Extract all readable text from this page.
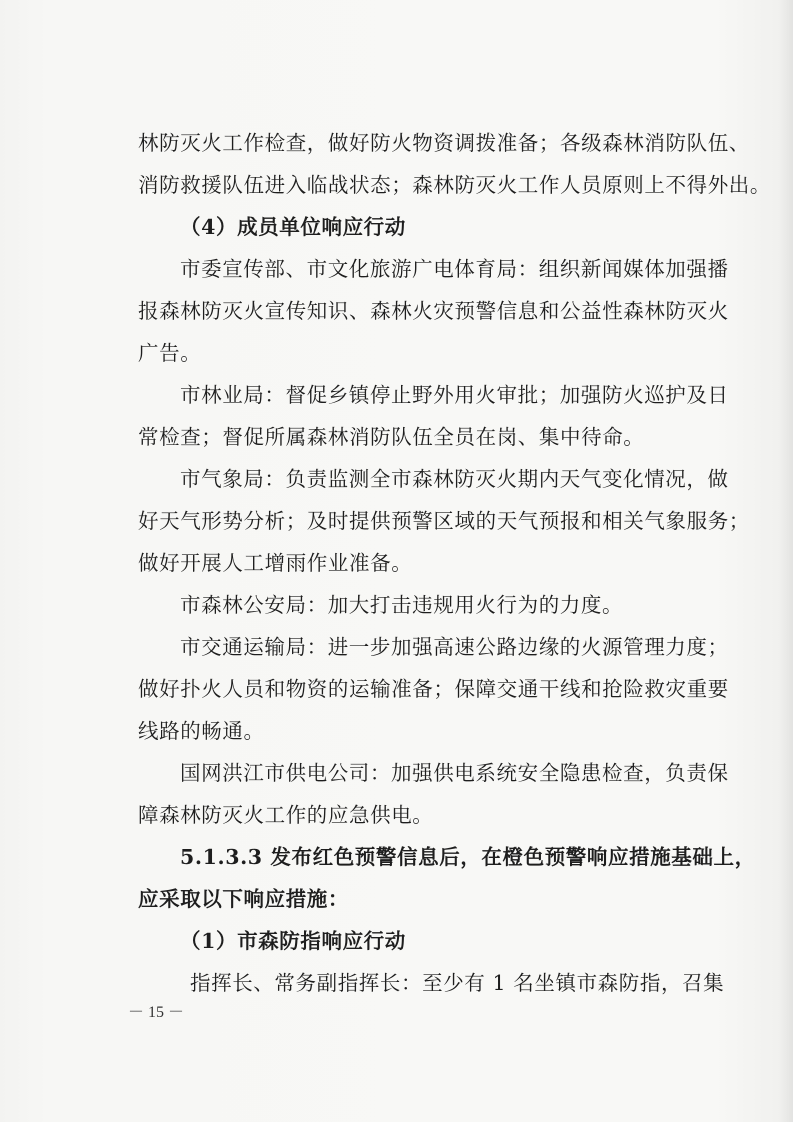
林防灭火工作检查，做好防火物资调拨准备；各级森林消防队伍、
消防救援队伍进入临战状态；森林防灭火工作人员原则上不得外出。
（4）成员单位响应行动
市委宣传部、市文化旅游广电体育局：组织新闻媒体加强播
报森林防灭火宣传知识、森林火灾预警信息和公益性森林防灭火
广告。
市林业局：督促乡镇停止野外用火审批；加强防火巡护及日
常检查；督促所属森林消防队伍全员在岗、集中待命。
市气象局：负责监测全市森林防灭火期内天气变化情况，做
好天气形势分析；及时提供预警区域的天气预报和相关气象服务；
做好开展人工增雨作业准备。
市森林公安局：加大打击违规用火行为的力度。
市交通运输局：进一步加强高速公路边缘的火源管理力度；
做好扑火人员和物资的运输准备；保障交通干线和抢险救灾重要
线路的畅通。
国网洪江市供电公司：加强供电系统安全隐患检查，负责保
障森林防灭火工作的应急供电。
5.1.3.3 发布红色预警信息后，在橙色预警响应措施基础上，
应采取以下响应措施：
（1）市森防指响应行动
指挥长、常务副指挥长：至少有 1 名坐镇市森防指，召集
－ 15 －
